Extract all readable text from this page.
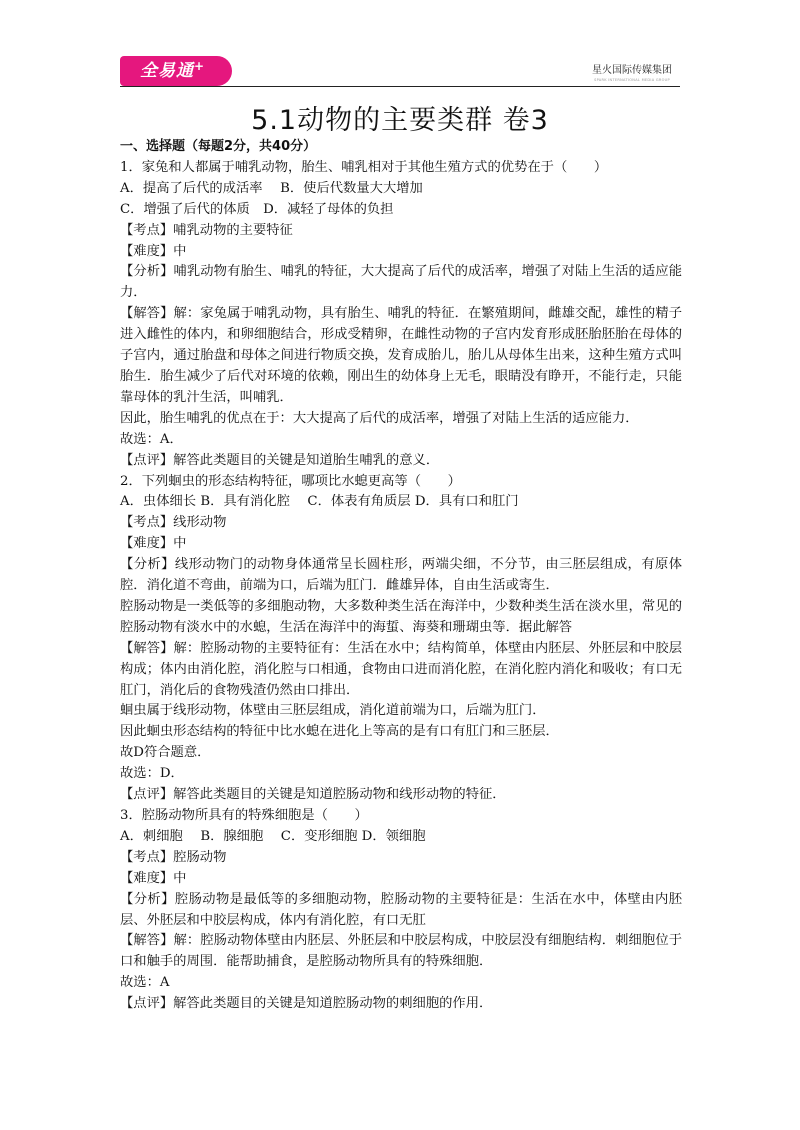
全易通+	星火国际传媒集团
SPARK INTERNATIONAL MEDIA GROUP
5.1动物的主要类群 卷3

一、选择题（每题2分，共40分）

1．家兔和人都属于哺乳动物，胎生、哺乳相对于其他生殖方式的优势在于（　　）

A．提高了后代的成活率　 B．使后代数量大大增加

C．增强了后代的体质　D．减轻了母体的负担

【考点】哺乳动物的主要特征

【难度】中

【分析】哺乳动物有胎生、哺乳的特征，大大提高了后代的成活率，增强了对陆上生活的适应能力．

【解答】解：家兔属于哺乳动物，具有胎生、哺乳的特征．在繁殖期间，雌雄交配，雄性的精子进入雌性的体内，和卵细胞结合，形成受精卵，在雌性动物的子宫内发育形成胚胎胚胎在母体的子宫内，通过胎盘和母体之间进行物质交换，发育成胎儿，胎儿从母体生出来，这种生殖方式叫胎生．胎生减少了后代对环境的依赖，刚出生的幼体身上无毛，眼睛没有睁开，不能行走，只能靠母体的乳汁生活，叫哺乳．

因此，胎生哺乳的优点在于：大大提高了后代的成活率，增强了对陆上生活的适应能力．

故选：A．

【点评】解答此类题目的关键是知道胎生哺乳的意义．

2．下列蛔虫的形态结构特征，哪项比水螅更高等（　　）

A．虫体细长 B．具有消化腔　 C．体表有角质层 D．具有口和肛门

【考点】线形动物

【难度】中

【分析】线形动物门的动物身体通常呈长圆柱形，两端尖细，不分节，由三胚层组成，有原体腔．消化道不弯曲，前端为口，后端为肛门．雌雄异体，自由生活或寄生．

腔肠动物是一类低等的多细胞动物，大多数种类生活在海洋中，少数种类生活在淡水里，常见的腔肠动物有淡水中的水螅，生活在海洋中的海蜇、海葵和珊瑚虫等．据此解答

【解答】解：腔肠动物的主要特征有：生活在水中；结构简单，体壁由内胚层、外胚层和中胶层构成；体内由消化腔，消化腔与口相通，食物由口进而消化腔，在消化腔内消化和吸收；有口无肛门，消化后的食物残渣仍然由口排出．

蛔虫属于线形动物，体壁由三胚层组成，消化道前端为口，后端为肛门．

因此蛔虫形态结构的特征中比水螅在进化上等高的是有口有肛门和三胚层．

故D符合题意．

故选：D．

【点评】解答此类题目的关键是知道腔肠动物和线形动物的特征．

3．腔肠动物所具有的特殊细胞是（　　）

A．刺细胞　 B．腺细胞　 C．变形细胞 D．领细胞

【考点】腔肠动物

【难度】中

【分析】腔肠动物是最低等的多细胞动物，腔肠动物的主要特征是：生活在水中，体壁由内胚层、外胚层和中胶层构成，体内有消化腔，有口无肛

【解答】解：腔肠动物体壁由内胚层、外胚层和中胶层构成，中胶层没有细胞结构．刺细胞位于口和触手的周围．能帮助捕食，是腔肠动物所具有的特殊细胞．

故选：A

【点评】解答此类题目的关键是知道腔肠动物的刺细胞的作用．
